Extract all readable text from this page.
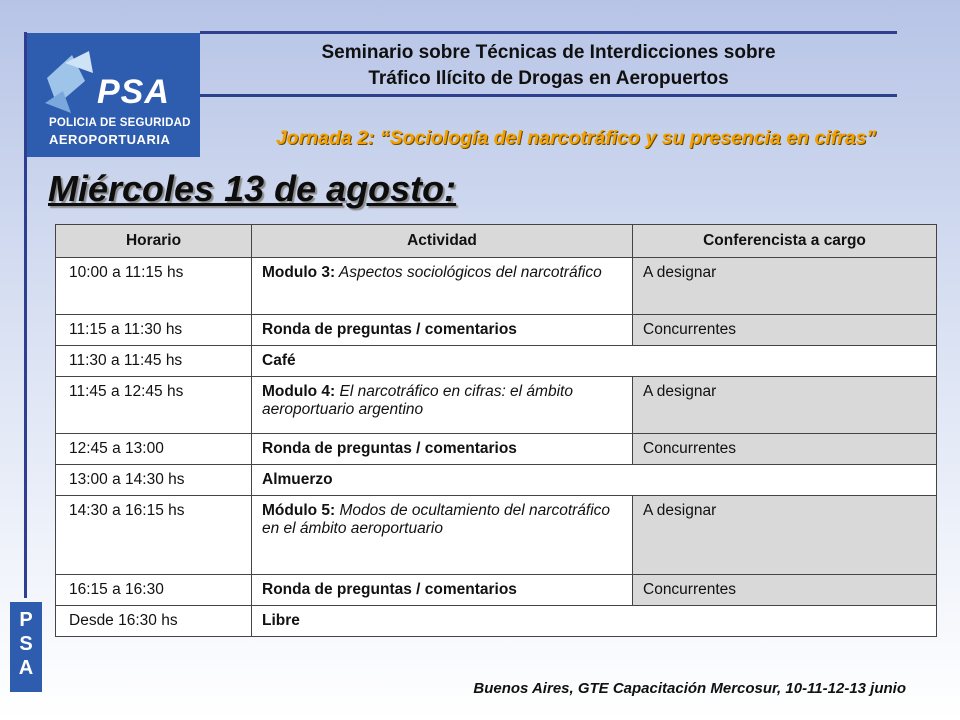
PSA
POLICIA DE SEGURIDAD
AEROPORTUARIA
Seminario sobre Técnicas de Interdicciones sobre
Tráfico Ilícito de Drogas en Aeropuertos
Jornada 2: “Sociología del narcotráfico y su presencia en cifras”
Miércoles 13 de agosto:
Horario	Actividad	Conferencista a cargo
10:00 a 11:15 hs	Modulo 3: Aspectos sociológicos del narcotráfico	A designar
11:15 a 11:30 hs	Ronda de preguntas / comentarios	Concurrentes
11:30 a 11:45 hs	Café	
11:45 a 12:45 hs	Modulo 4: El narcotráfico en cifras: el ámbito aeroportuario argentino	A designar
12:45 a 13:00	Ronda de preguntas / comentarios	Concurrentes
13:00 a 14:30 hs	Almuerzo	
14:30 a 16:15 hs	Módulo 5: Modos de ocultamiento del narcotráfico en el ámbito aeroportuario	A designar
16:15 a 16:30	Ronda de preguntas / comentarios	Concurrentes
Desde 16:30 hs	Libre	
P
S
A
Buenos Aires, GTE Capacitación Mercosur, 10-11-12-13 junio
